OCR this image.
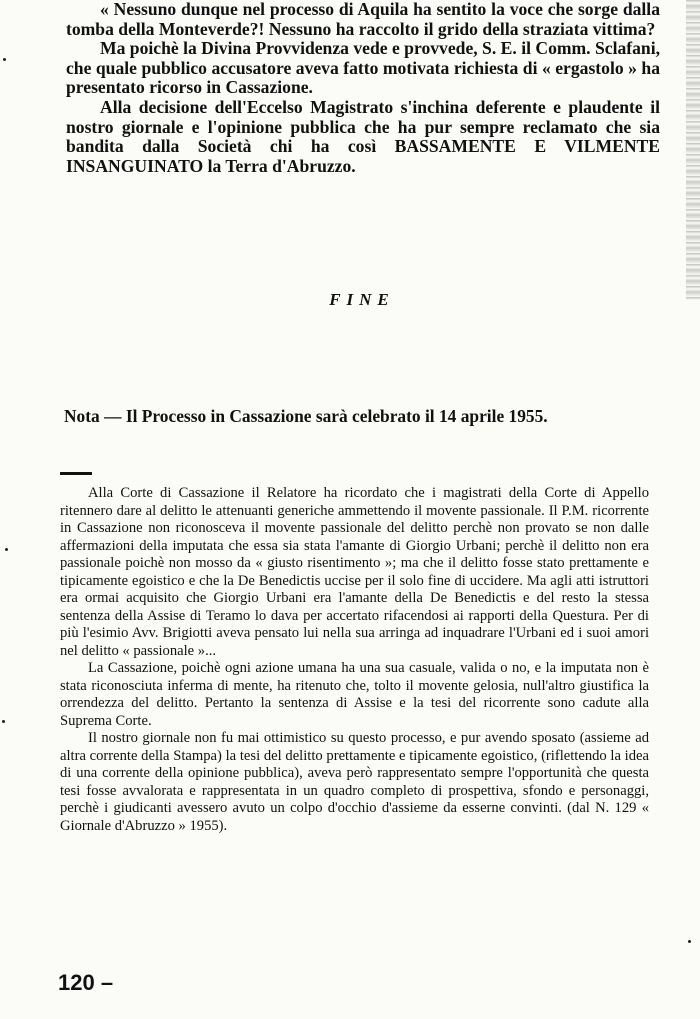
« Nessuno dunque nel processo di Aquila ha sentito la voce che sorge dalla tomba della Monteverde?! Nessuno ha raccolto il grido della straziata vittima?

Ma poichè la Divina Provvidenza vede e provvede, S. E. il Comm. Sclafani, che quale pubblico accusatore aveva fatto motivata richiesta di « ergastolo » ha presentato ricorso in Cassazione.

Alla decisione dell'Eccelso Magistrato s'inchina deferente e plaudente il nostro giornale e l'opinione pubblica che ha pur sempre reclamato che sia bandita dalla Società chi ha così BASSAMENTE E VILMENTE INSANGUINATO la Terra d'Abruzzo.

FINE
Nota — Il Processo in Cassazione sarà celebrato il 14 aprile 1955.

Alla Corte di Cassazione il Relatore ha ricordato che i magistrati della Corte di Appello ritennero dare al delitto le attenuanti generiche ammettendo il movente passionale. Il P.M. ricorrente in Cassazione non riconosceva il movente passionale del delitto perchè non provato se non dalle affermazioni della imputata che essa sia stata l'amante di Giorgio Urbani; perchè il delitto non era passionale poichè non mosso da « giusto risentimento »; ma che il delitto fosse stato prettamente e tipicamente egoistico e che la De Benedictis uccise per il solo fine di uccidere. Ma agli atti istruttori era ormai acquisito che Giorgio Urbani era l'amante della De Benedictis e del resto la stessa sentenza della Assise di Teramo lo dava per accertato rifacendosi ai rapporti della Questura. Per di più l'esimio Avv. Brigiotti aveva pensato lui nella sua arringa ad inquadrare l'Urbani ed i suoi amori nel delitto « passionale »...

La Cassazione, poichè ogni azione umana ha una sua casuale, valida o no, e la imputata non è stata riconosciuta inferma di mente, ha ritenuto che, tolto il movente gelosia, null'altro giustifica la orrendezza del delitto. Pertanto la sentenza di Assise e la tesi del ricorrente sono cadute alla Suprema Corte.

Il nostro giornale non fu mai ottimistico su questo processo, e pur avendo sposato (assieme ad altra corrente della Stampa) la tesi del delitto prettamente e tipicamente egoistico, (riflettendo la idea di una corrente della opinione pubblica), aveva però rappresentato sempre l'opportunità che questa tesi fosse avvalorata e rappresentata in un quadro completo di prospettiva, sfondo e personaggi, perchè i giudicanti avessero avuto un colpo d'occhio d'assieme da esserne convinti. (dal N. 129 « Giornale d'Abruzzo » 1955).

120 –
